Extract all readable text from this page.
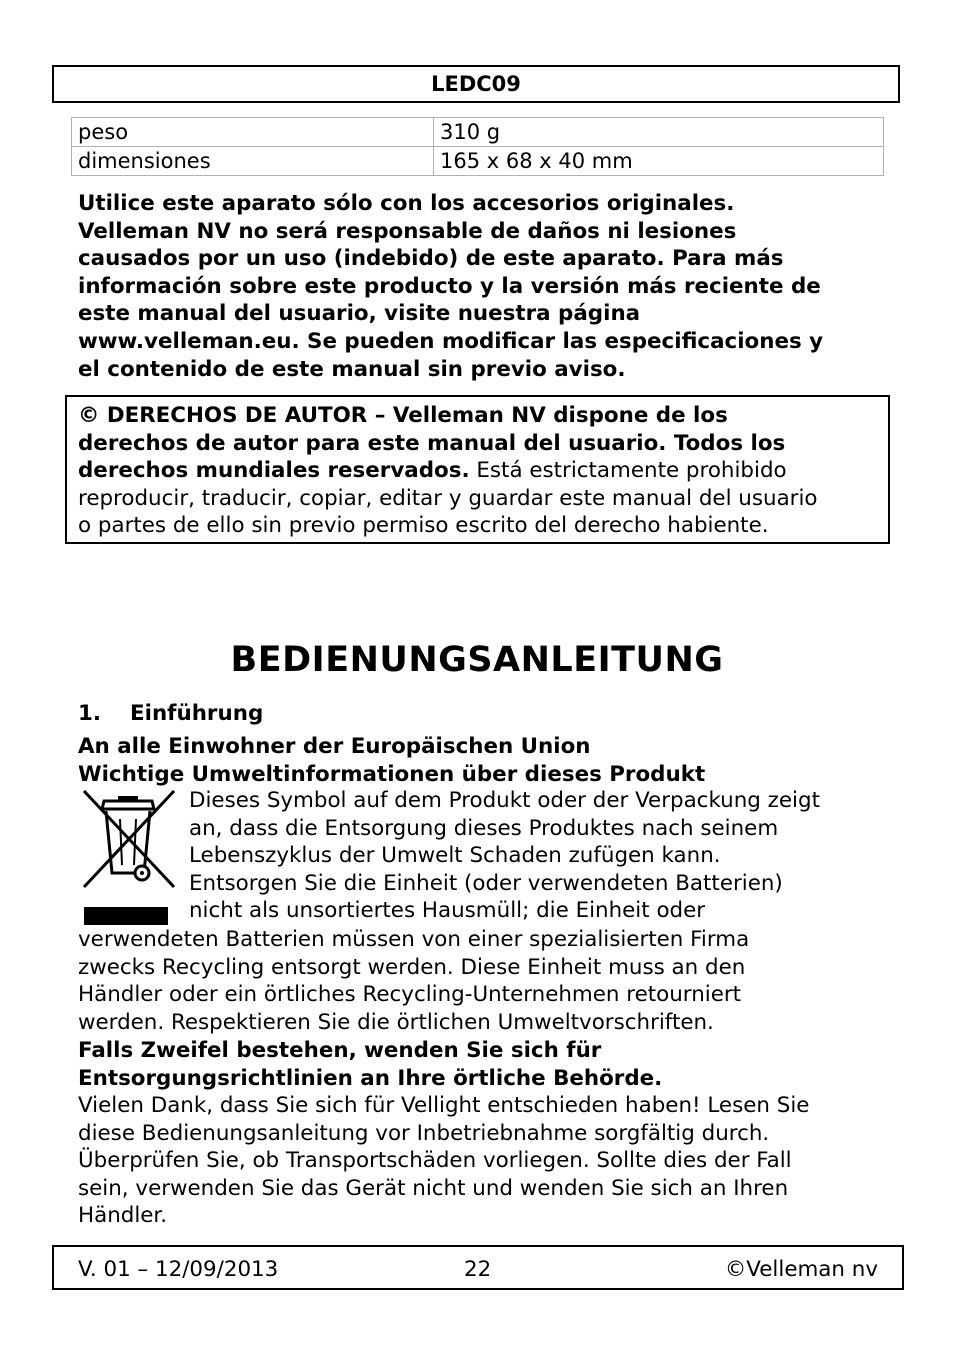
LEDC09
peso	310 g
dimensiones	165 x 68 x 40 mm
Utilice este aparato sólo con los accesorios originales.
Velleman NV no será responsable de daños ni lesiones
causados por un uso (indebido) de este aparato. Para más
información sobre este producto y la versión más reciente de
este manual del usuario, visite nuestra página
www.velleman.eu. Se pueden modificar las especificaciones y
el contenido de este manual sin previo aviso.
© DERECHOS DE AUTOR – Velleman NV dispone de los
derechos de autor para este manual del usuario. Todos los
derechos mundiales reservados. Está estrictamente prohibido
reproducir, traducir, copiar, editar y guardar este manual del usuario
o partes de ello sin previo permiso escrito del derecho habiente.
BEDIENUNGSANLEITUNG
1. Einführung
An alle Einwohner der Europäischen Union
Wichtige Umweltinformationen über dieses Produkt
Dieses Symbol auf dem Produkt oder der Verpackung zeigt
an, dass die Entsorgung dieses Produktes nach seinem
Lebenszyklus der Umwelt Schaden zufügen kann.
Entsorgen Sie die Einheit (oder verwendeten Batterien)
nicht als unsortiertes Hausmüll; die Einheit oder
verwendeten Batterien müssen von einer spezialisierten Firma
zwecks Recycling entsorgt werden. Diese Einheit muss an den
Händler oder ein örtliches Recycling-Unternehmen retourniert
werden. Respektieren Sie die örtlichen Umweltvorschriften.
Falls Zweifel bestehen, wenden Sie sich für
Entsorgungsrichtlinien an Ihre örtliche Behörde.
Vielen Dank, dass Sie sich für Vellight entschieden haben! Lesen Sie
diese Bedienungsanleitung vor Inbetriebnahme sorgfältig durch.
Überprüfen Sie, ob Transportschäden vorliegen. Sollte dies der Fall
sein, verwenden Sie das Gerät nicht und wenden Sie sich an Ihren
Händler.
V. 01 – 12/09/2013	22	©Velleman nv
